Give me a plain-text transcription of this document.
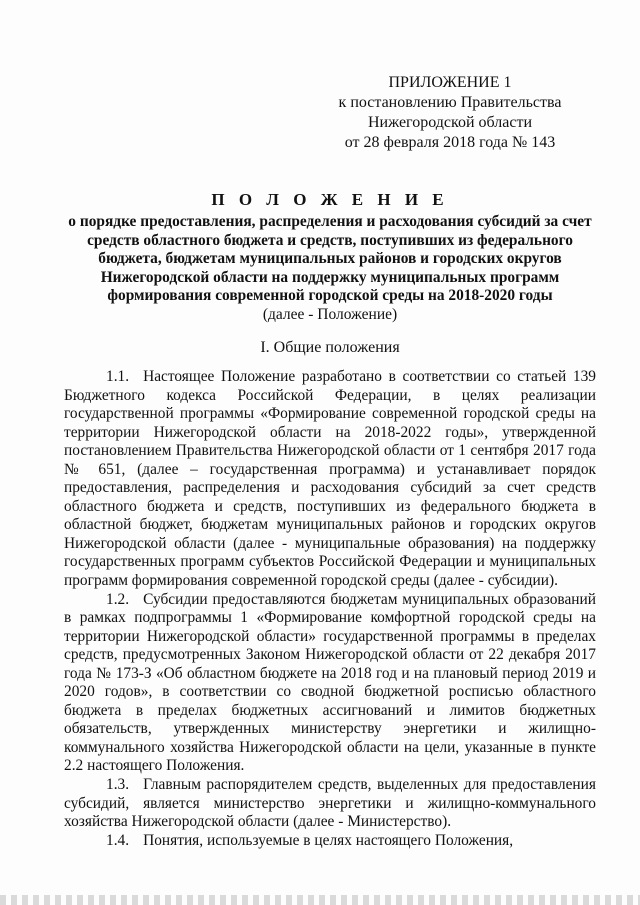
ПРИЛОЖЕНИЕ 1
к постановлению Правительства
Нижегородской области
от 28 февраля 2018 года № 143
П О Л О Ж Е Н И Е
о порядке предоставления, распределения и расходования субсидий за счет
средств областного бюджета и средств, поступивших из федерального
бюджета, бюджетам муниципальных районов и городских округов
Нижегородской области на поддержку муниципальных программ
формирования современной городской среды на 2018-2020 годы
(далее - Положение)
I. Общие положения

1.1. Настоящее Положение разработано в соответствии со статьей 139 Бюджетного кодекса Российской Федерации, в целях реализации государственной программы «Формирование современной городской среды на территории Нижегородской области на 2018-2022 годы», утвержденной постановлением Правительства Нижегородской области от 1 сентября 2017 года № 651, (далее – государственная программа) и устанавливает порядок предоставления, распределения и расходования субсидий за счет средств областного бюджета и средств, поступивших из федерального бюджета в областной бюджет, бюджетам муниципальных районов и городских округов Нижегородской области (далее - муниципальные образования) на поддержку государственных программ субъектов Российской Федерации и муниципальных программ формирования современной городской среды (далее - субсидии).

1.2. Субсидии предоставляются бюджетам муниципальных образований в рамках подпрограммы 1 «Формирование комфортной городской среды на территории Нижегородской области» государственной программы в пределах средств, предусмотренных Законом Нижегородской области от 22 декабря 2017 года № 173-З «Об областном бюджете на 2018 год и на плановый период 2019 и 2020 годов», в соответствии со сводной бюджетной росписью областного бюджета в пределах бюджетных ассигнований и лимитов бюджетных обязательств, утвержденных министерству энергетики и жилищно-коммунального хозяйства Нижегородской области на цели, указанные в пункте 2.2 настоящего Положения.

1.3. Главным распорядителем средств, выделенных для предоставления субсидий, является министерство энергетики и жилищно-коммунального хозяйства Нижегородской области (далее - Министерство).

1.4. Понятия, используемые в целях настоящего Положения,
